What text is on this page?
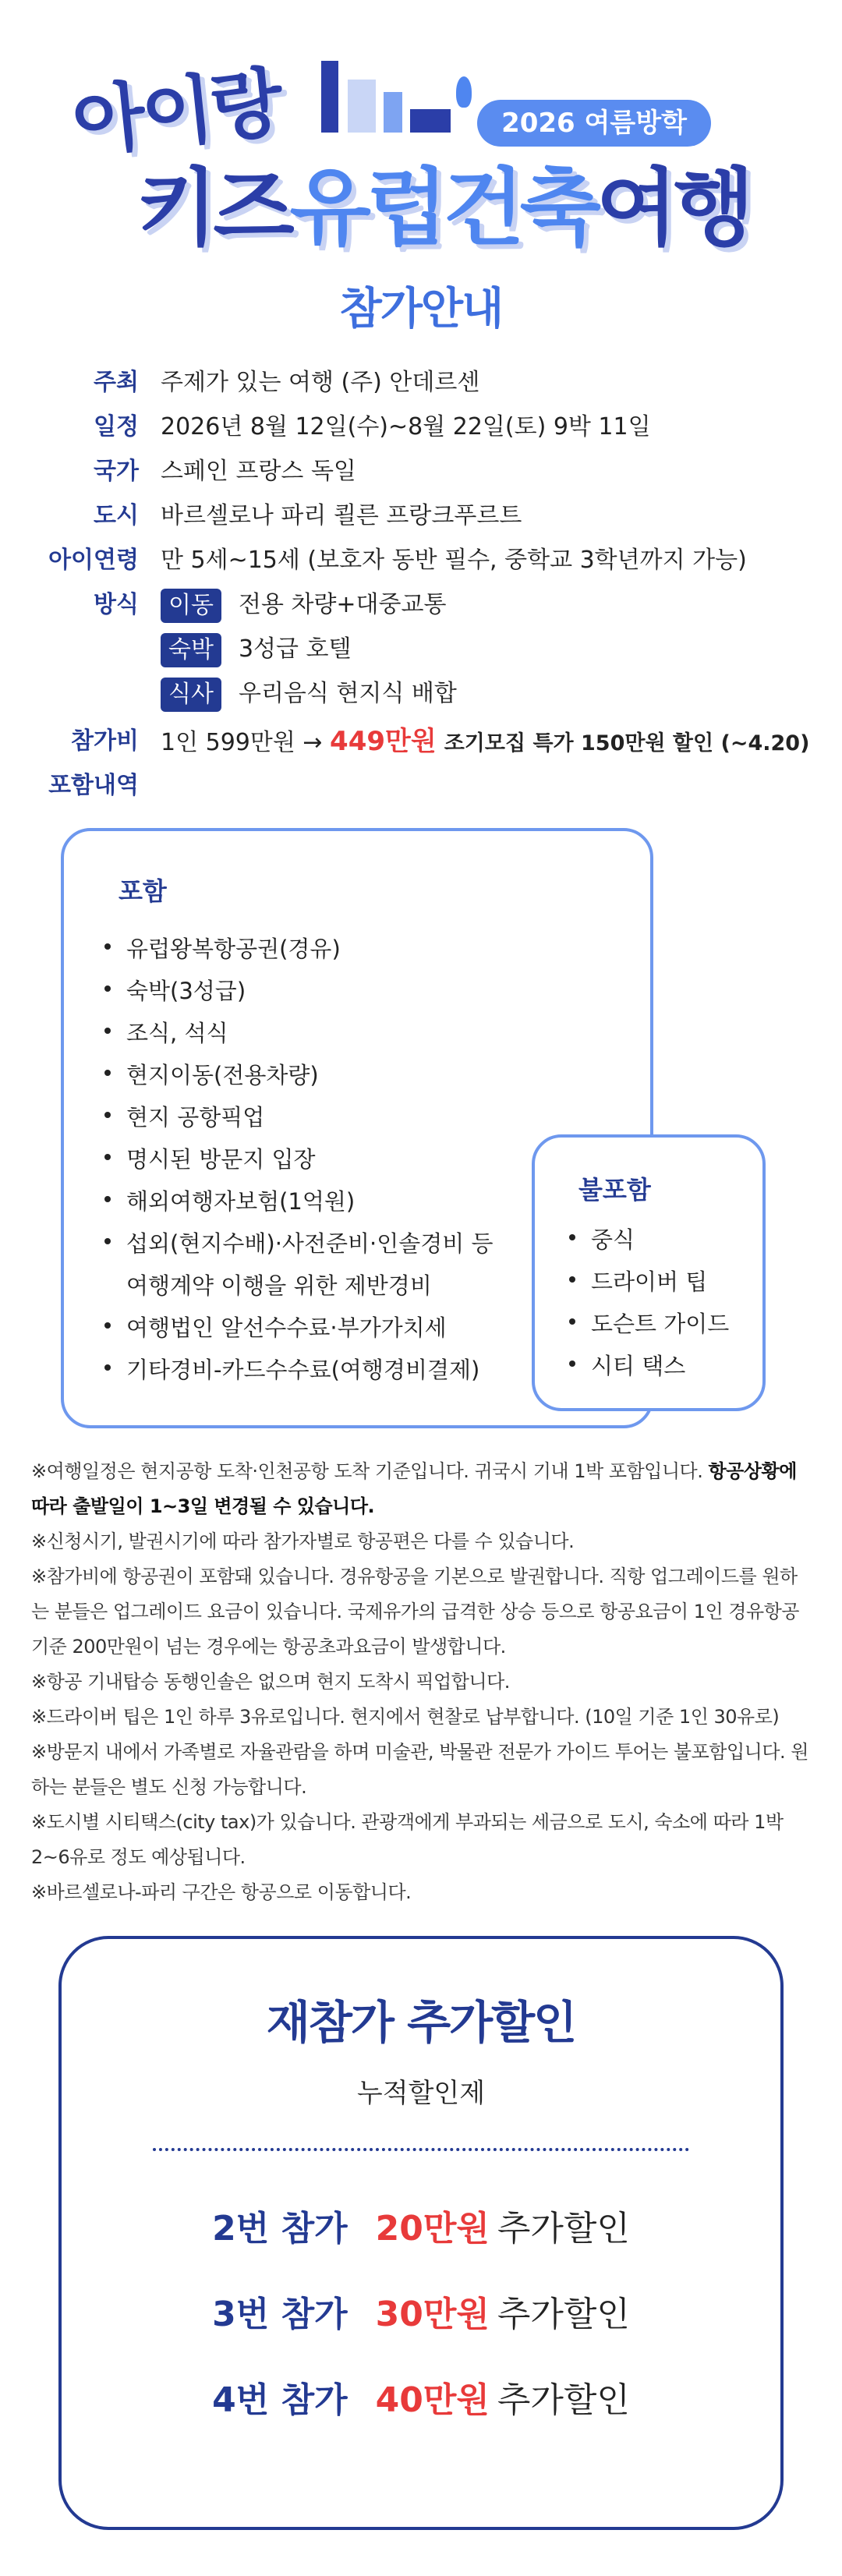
아이랑	2026 여름방학
키즈유럽건축여행
참가안내
주최 주제가 있는 여행 (주) 안데르센
일정 2026년 8월 12일(수)~8월 22일(토) 9박 11일
국가 스페인 프랑스 독일
도시 바르셀로나 파리 쾰른 프랑크푸르트
아이연령 만 5세~15세 (보호자 동반 필수, 중학교 3학년까지 가능)
방식	이동 전용 차량+대중교통
숙박 3성급 호텔
식사 우리음식 현지식 배합
참가비 1인 599만원 → 449만원 조기모집 특가 150만원 할인 (~4.20)
포함내역
포함
유럽왕복항공권(경유)
숙박(3성급)
조식, 석식
현지이동(전용차량)
현지 공항픽업
명시된 방문지 입장
해외여행자보험(1억원)
섭외(현지수배)·사전준비·인솔경비 등 여행계약 이행을 위한 제반경비
여행법인 알선수수료·부가가치세
기타경비-카드수수료(여행경비결제)
불포함
중식
드라이버 팁
도슨트 가이드
시티 택스

※여행일정은 현지공항 도착·인천공항 도착 기준입니다. 귀국시 기내 1박 포함입니다. 항공상황에 따라 출발일이 1~3일 변경될 수 있습니다.

※신청시기, 발권시기에 따라 참가자별로 항공편은 다를 수 있습니다.

※참가비에 항공권이 포함돼 있습니다. 경유항공을 기본으로 발권합니다. 직항 업그레이드를 원하는 분들은 업그레이드 요금이 있습니다. 국제유가의 급격한 상승 등으로 항공요금이 1인 경유항공 기준 200만원이 넘는 경우에는 항공초과요금이 발생합니다.

※항공 기내탑승 동행인솔은 없으며 현지 도착시 픽업합니다.

※드라이버 팁은 1인 하루 3유로입니다. 현지에서 현찰로 납부합니다. (10일 기준 1인 30유로)

※방문지 내에서 가족별로 자율관람을 하며 미술관, 박물관 전문가 가이드 투어는 불포함입니다. 원하는 분들은 별도 신청 가능합니다.

※도시별 시티택스(city tax)가 있습니다. 관광객에게 부과되는 세금으로 도시, 숙소에 따라 1박 2~6유로 정도 예상됩니다.

※바르셀로나-파리 구간은 항공으로 이동합니다.

재참가 추가할인
누적할인제
2번 참가 20만원 추가할인
3번 참가 30만원 추가할인
4번 참가 40만원 추가할인
